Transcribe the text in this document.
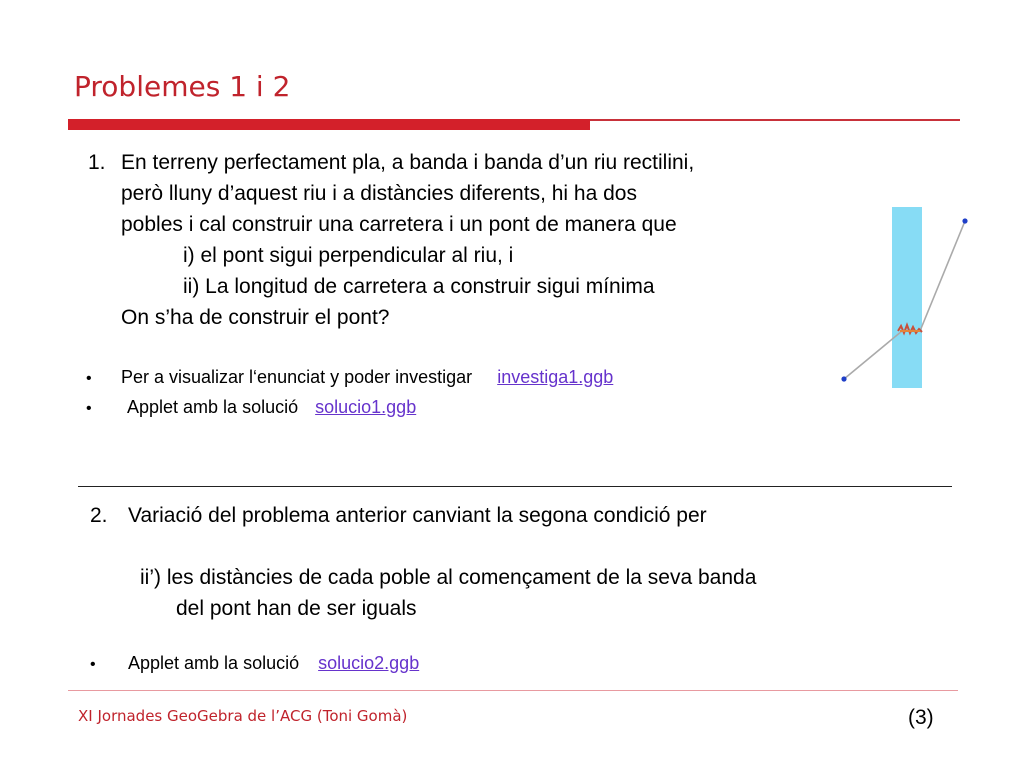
Problemes 1 i 2
1. En terreny perfectament pla, a banda i banda d’un riu rectilini,
però lluny d’aquest riu i a distàncies diferents, hi ha dos
pobles i cal construir una carretera i un pont de manera que
i) el pont sigui perpendicular al riu, i
ii) La longitud de carretera a construir sigui mínima
On s’ha de construir el pont?
• Per a visualizar l‘enunciat y poder investigar investiga1.ggb
• Applet amb la solució solucio1.ggb
2. Variació del problema anterior canviant la segona condició per
ii’) les distàncies de cada poble al començament de la seva banda
del pont han de ser iguals
• Applet amb la solució solucio2.ggb
XI Jornades GeoGebra de l’ACG (Toni Gomà)	(3)
